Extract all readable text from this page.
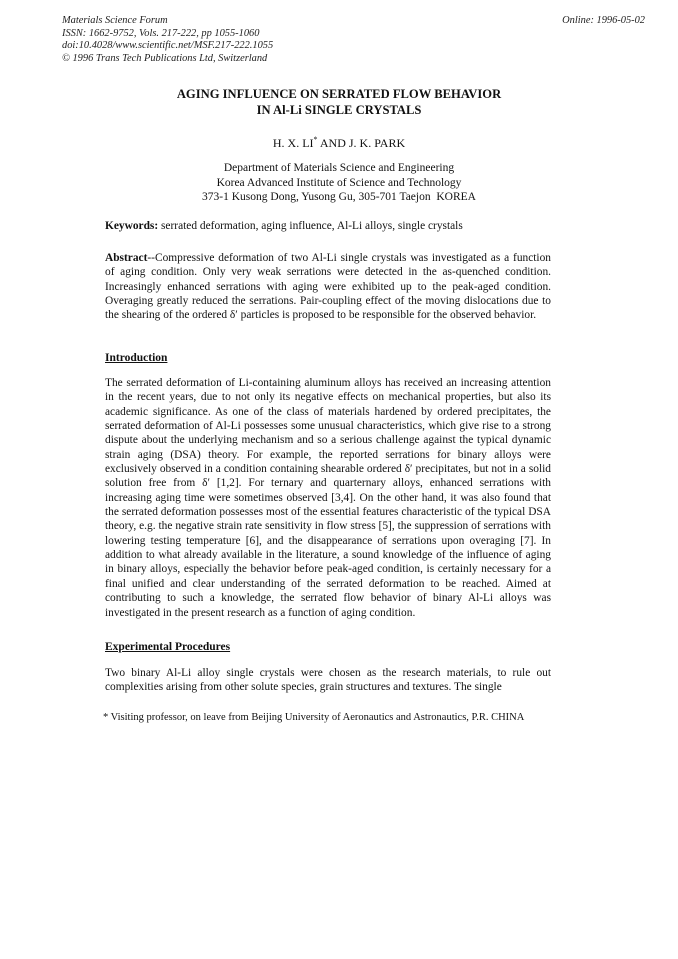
Materials Science Forum
ISSN: 1662-9752, Vols. 217-222, pp 1055-1060
doi:10.4028/www.scientific.net/MSF.217-222.1055
© 1996 Trans Tech Publications Ltd, Switzerland
Online: 1996-05-02
AGING INFLUENCE ON SERRATED FLOW BEHAVIOR
IN Al-Li SINGLE CRYSTALS
H. X. LI* AND J. K. PARK
Department of Materials Science and Engineering
Korea Advanced Institute of Science and Technology
373-1 Kusong Dong, Yusong Gu, 305-701 Taejon  KOREA
Keywords: serrated deformation, aging influence, Al-Li alloys, single crystals
Abstract--Compressive deformation of two Al-Li single crystals was investigated as a function of aging condition. Only very weak serrations were detected in the as-quenched condition. Increasingly enhanced serrations with aging were exhibited up to the peak-aged condition. Overaging greatly reduced the serrations. Pair-coupling effect of the moving dislocations due to the shearing of the ordered δ′ particles is proposed to be responsible for the observed behavior.
Introduction
The serrated deformation of Li-containing aluminum alloys has received an increasing attention in the recent years, due to not only its negative effects on mechanical properties, but also its academic significance. As one of the class of materials hardened by ordered precipitates, the serrated deformation of Al-Li possesses some unusual characteristics, which give rise to a strong dispute about the underlying mechanism and so a serious challenge against the typical dynamic strain aging (DSA) theory. For example, the reported serrations for binary alloys were exclusively observed in a condition containing shearable ordered δ′ precipitates, but not in a solid solution free from δ′ [1,2]. For ternary and quarternary alloys, enhanced serrations with increasing aging time were sometimes observed [3,4]. On the other hand, it was also found that the serrated deformation possesses most of the essential features characteristic of the typical DSA theory, e.g. the negative strain rate sensitivity in flow stress [5], the suppression of serrations with lowering testing temperature [6], and the disappearance of serrations upon overaging [7]. In addition to what already available in the literature, a sound knowledge of the influence of aging in binary alloys, especially the behavior before peak-aged condition, is certainly necessary for a final unified and clear understanding of the serrated deformation to be reached. Aimed at contributing to such a knowledge, the serrated flow behavior of binary Al-Li alloys was investigated in the present research as a function of aging condition.
Experimental Procedures
Two binary Al-Li alloy single crystals were chosen as the research materials, to rule out complexities arising from other solute species, grain structures and textures. The single
* Visiting professor, on leave from Beijing University of Aeronautics and Astronautics, P.R. CHINA
